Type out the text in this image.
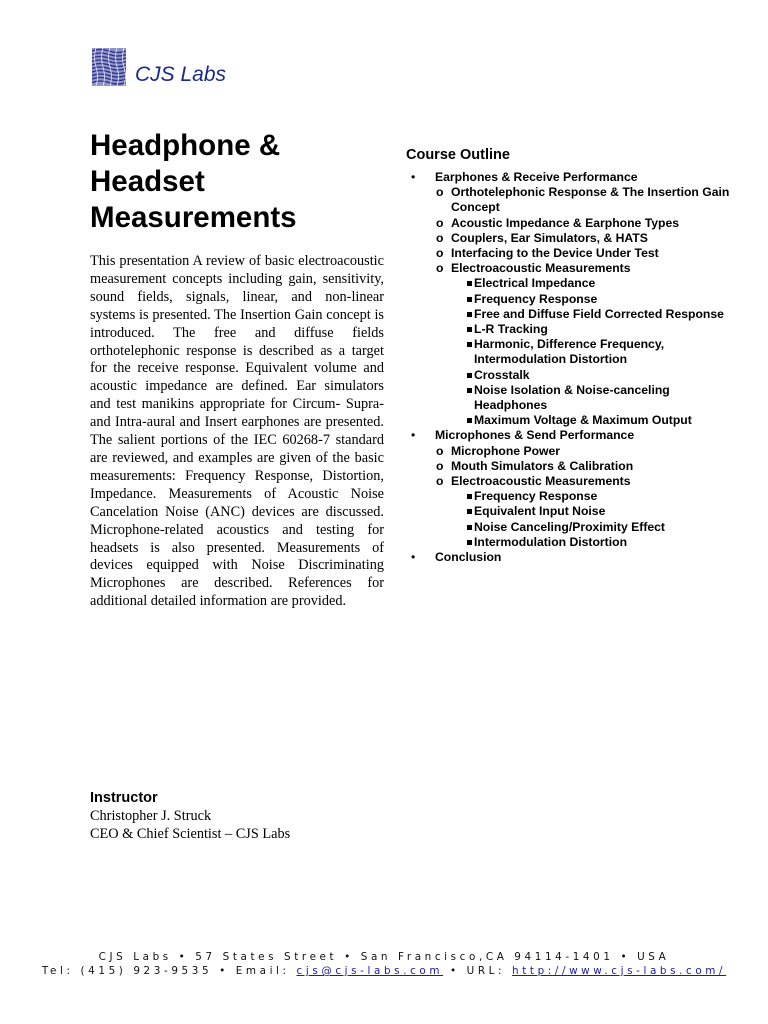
CJS Labs
Headphone &
Headset
Measurements

This presentation A review of basic electroacoustic measurement concepts including gain, sensitivity, sound fields, signals, linear, and non-linear systems is presented. The Insertion Gain concept is introduced. The free and diffuse fields orthotelephonic response is described as a target for the receive response. Equivalent volume and acoustic impedance are defined. Ear simulators and test manikins appropriate for Circum- Supra- and Intra-aural and Insert earphones are presented. The salient portions of the IEC 60268-7 standard are reviewed, and examples are given of the basic measurements: Frequency Response, Distortion, Impedance. Measurements of Acoustic Noise Cancelation Noise (ANC) devices are discussed. Microphone-related acoustics and testing for headsets is also presented. Measurements of devices equipped with Noise Discriminating Microphones are described. References for additional detailed information are provided.

Course Outline
• Earphones & Receive Performance
o Orthotelephonic Response & The Insertion Gain Concept
o Acoustic Impedance & Earphone Types
o Couplers, Ear Simulators, & HATS
o Interfacing to the Device Under Test
o Electroacoustic Measurements
Electrical Impedance
Frequency Response
Free and Diffuse Field Corrected Response
L-R Tracking
Harmonic, Difference Frequency, Intermodulation Distortion
Crosstalk
Noise Isolation & Noise-canceling Headphones
Maximum Voltage & Maximum Output
• Microphones & Send Performance
o Microphone Power
o Mouth Simulators & Calibration
o Electroacoustic Measurements
Frequency Response
Equivalent Input Noise
Noise Canceling/Proximity Effect
Intermodulation Distortion
• Conclusion
Instructor
Christopher J. Struck
CEO & Chief Scientist – CJS Labs
CJS Labs • 57 States Street • San Francisco,CA 94114-1401 • USA
Tel: (415) 923-9535 • Email: cjs@cjs-labs.com • URL: http://www.cjs-labs.com/
